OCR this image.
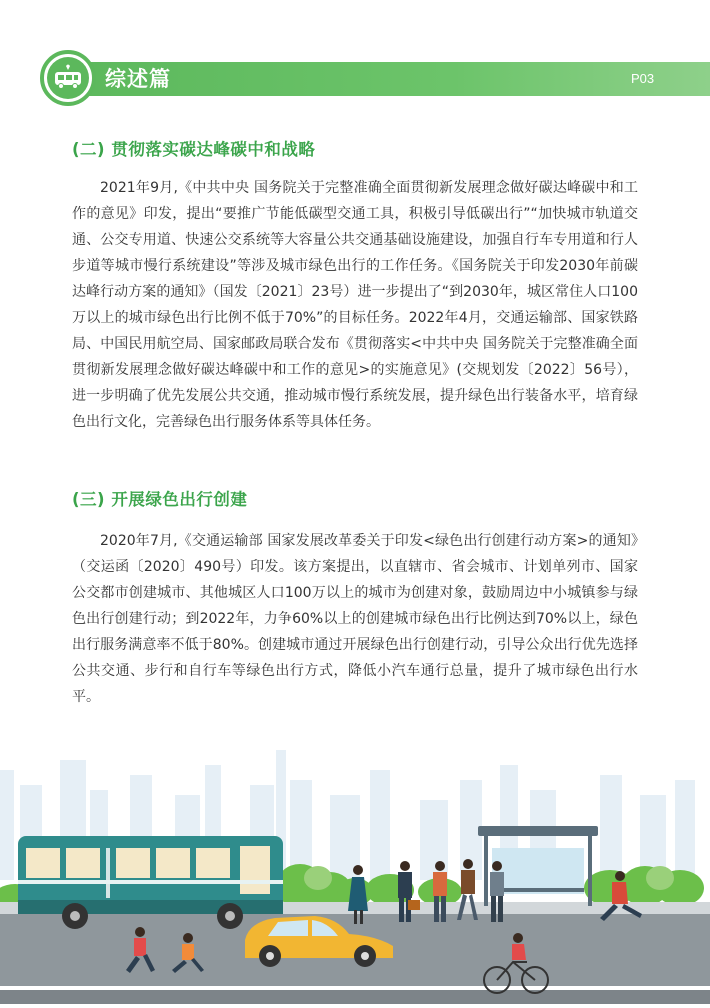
综述篇	P03
(二) 贯彻落实碳达峰碳中和战略

2021年9月,《中共中央 国务院关于完整准确全面贯彻新发展理念做好碳达峰碳中和工作的意见》印发，提出“要推广节能低碳型交通工具，积极引导低碳出行”“加快城市轨道交通、公交专用道、快速公交系统等大容量公共交通基础设施建设，加强自行车专用道和行人步道等城市慢行系统建设”等涉及城市绿色出行的工作任务。《国务院关于印发2030年前碳达峰行动方案的通知》（国发〔2021〕23号）进一步提出了“到2030年，城区常住人口100万以上的城市绿色出行比例不低于70%”的目标任务。2022年4月，交通运输部、国家铁路局、中国民用航空局、国家邮政局联合发布《贯彻落实<中共中央 国务院关于完整准确全面贯彻新发展理念做好碳达峰碳中和工作的意见>的实施意见》(交规划发〔2022〕56号），进一步明确了优先发展公共交通，推动城市慢行系统发展，提升绿色出行装备水平，培育绿色出行文化，完善绿色出行服务体系等具体任务。

(三) 开展绿色出行创建

2020年7月,《交通运输部 国家发展改革委关于印发<绿色出行创建行动方案>的通知》（交运函〔2020〕490号）印发。该方案提出，以直辖市、省会城市、计划单列市、国家公交都市创建城市、其他城区人口100万以上的城市为创建对象，鼓励周边中小城镇参与绿色出行创建行动；到2022年，力争60%以上的创建城市绿色出行比例达到70%以上，绿色出行服务满意率不低于80%。创建城市通过开展绿色出行创建行动，引导公众出行优先选择公共交通、步行和自行车等绿色出行方式，降低小汽车通行总量，提升了城市绿色出行水平。
